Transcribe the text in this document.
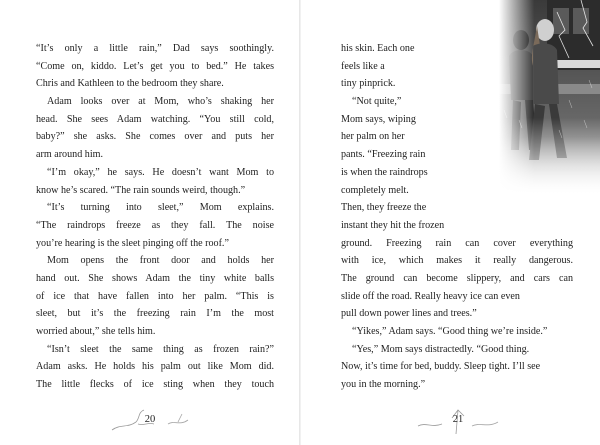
“It’s only a little rain,” Dad says soothingly.
“Come on, kiddo. Let’s get you to bed.” He takes
Chris and Kathleen to the bedroom they share.
Adam looks over at Mom, who’s shaking her
head. She sees Adam watching. “You still cold,
baby?” she asks. She comes over and puts her
arm around him.
“I’m okay,” he says. He doesn’t want Mom to
know he’s scared. “The rain sounds weird, though.”
“It’s turning into sleet,” Mom explains.
“The raindrops freeze as they fall. The noise
you’re hearing is the sleet pinging off the roof.”
Mom opens the front door and holds her
hand out. She shows Adam the tiny white balls
of ice that have fallen into her palm. “This is
sleet, but it’s the freezing rain I’m the most
worried about,” she tells him.
“Isn’t sleet the same thing as frozen rain?”
Adam asks. He holds his palm out like Mom did.
The little flecks of ice sting when they touch
20
his skin. Each one
feels like a
tiny pinprick.
“Not quite,”
Mom says, wiping
her palm on her
pants. “Freezing rain
is when the raindrops
completely melt.
Then, they freeze the
instant they hit the frozen
ground. Freezing rain can cover everything
with ice, which makes it really dangerous.
The ground can become slippery, and cars can
slide off the road. Really heavy ice can even
pull down power lines and trees.”
“Yikes,” Adam says. “Good thing we’re inside.”
“Yes,” Mom says distractedly. “Good thing.
Now, it’s time for bed, buddy. Sleep tight. I’ll see
you in the morning.”
21
